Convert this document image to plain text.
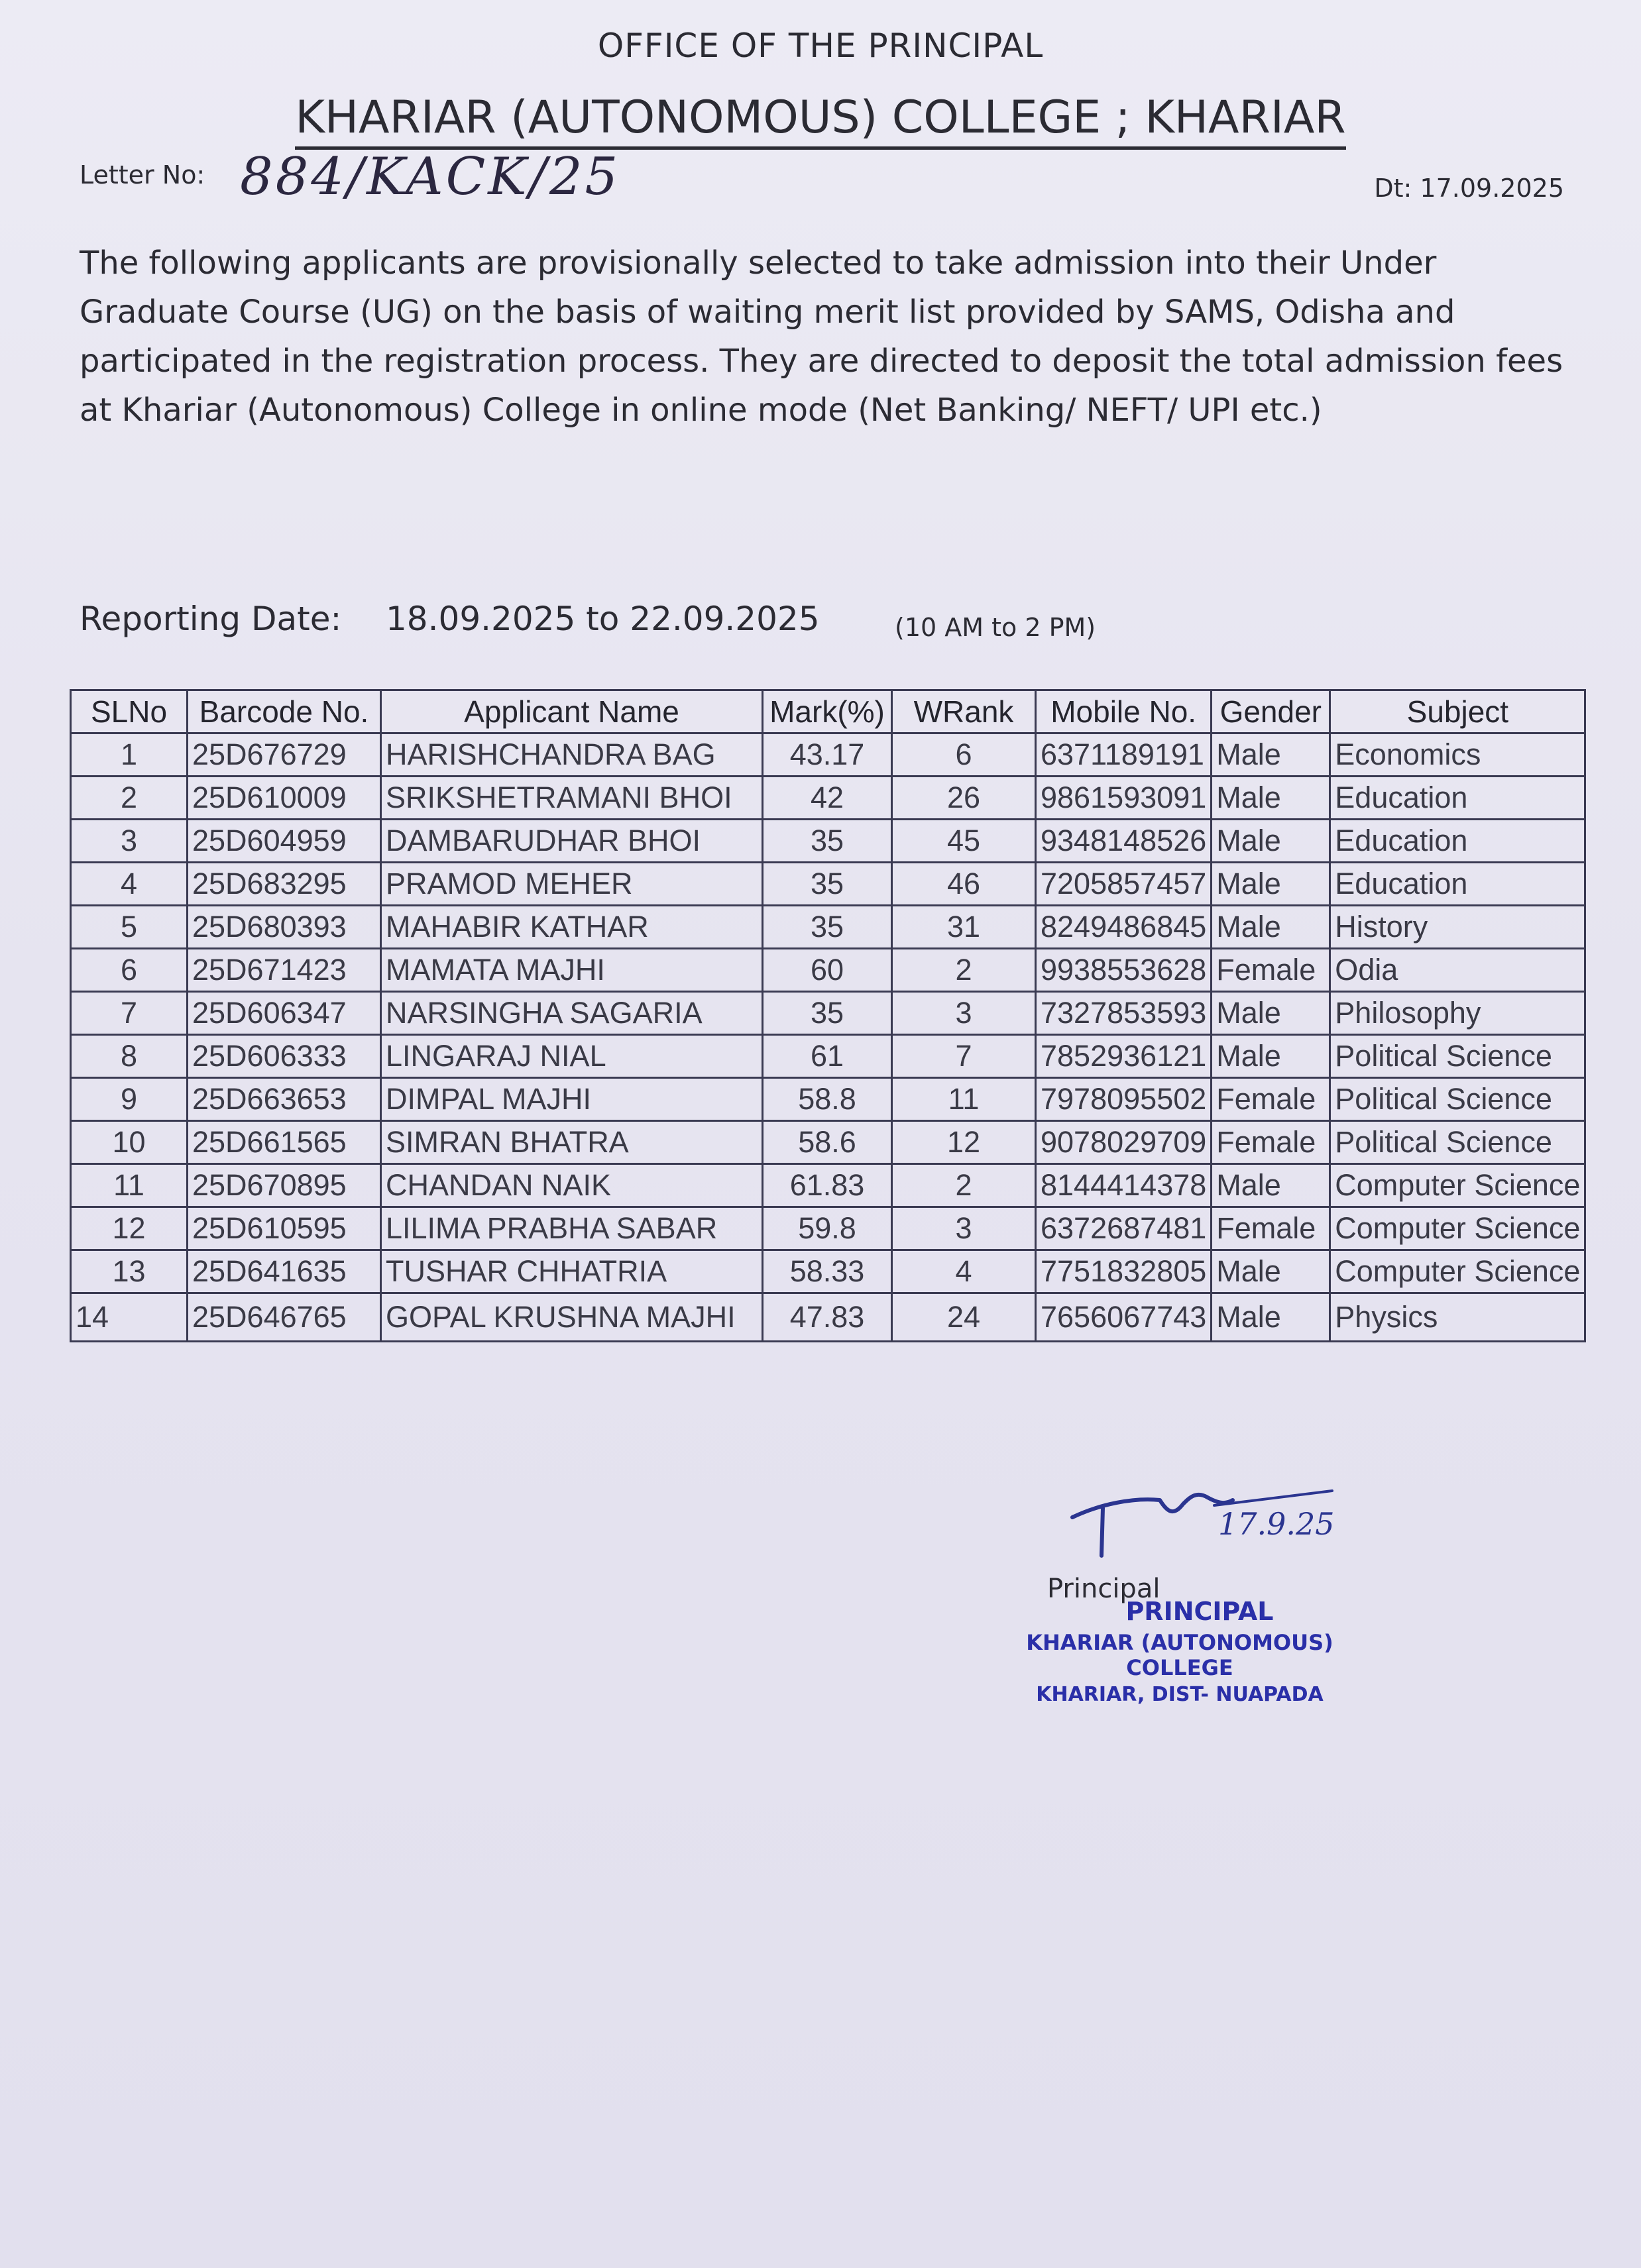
OFFICE OF THE PRINCIPAL
KHARIAR (AUTONOMOUS) COLLEGE ; KHARIAR
Letter No: 884/KACK/25	Dt: 17.09.2025
The following applicants are provisionally selected to take admission into their Under Graduate Course (UG) on the basis of waiting merit list provided by SAMS, Odisha and participated in the registration process. They are directed to deposit the total admission fees at Khariar (Autonomous) College in online mode (Net Banking/ NEFT/ UPI etc.)
Reporting Date: 18.09.2025 to 22.09.2025	(10 AM to 2 PM)
SLNo	Barcode No.	Applicant Name	Mark(%)	WRank	Mobile No.	Gender	Subject
1	25D676729	HARISHCHANDRA BAG	43.17	6	6371189191	Male	Economics
2	25D610009	SRIKSHETRAMANI BHOI	42	26	9861593091	Male	Education
3	25D604959	DAMBARUDHAR BHOI	35	45	9348148526	Male	Education
4	25D683295	PRAMOD MEHER	35	46	7205857457	Male	Education
5	25D680393	MAHABIR KATHAR	35	31	8249486845	Male	History
6	25D671423	MAMATA MAJHI	60	2	9938553628	Female	Odia
7	25D606347	NARSINGHA SAGARIA	35	3	7327853593	Male	Philosophy
8	25D606333	LINGARAJ NIAL	61	7	7852936121	Male	Political Science
9	25D663653	DIMPAL MAJHI	58.8	11	7978095502	Female	Political Science
10	25D661565	SIMRAN BHATRA	58.6	12	9078029709	Female	Political Science
11	25D670895	CHANDAN NAIK	61.83	2	8144414378	Male	Computer Science
12	25D610595	LILIMA PRABHA SABAR	59.8	3	6372687481	Female	Computer Science
13	25D641635	TUSHAR CHHATRIA	58.33	4	7751832805	Male	Computer Science
14	25D646765	GOPAL KRUSHNA MAJHI	47.83	24	7656067743	Male	Physics
17.9.25
Principal
PRINCIPAL
KHARIAR (AUTONOMOUS) COLLEGE
KHARIAR, DIST- NUAPADA
